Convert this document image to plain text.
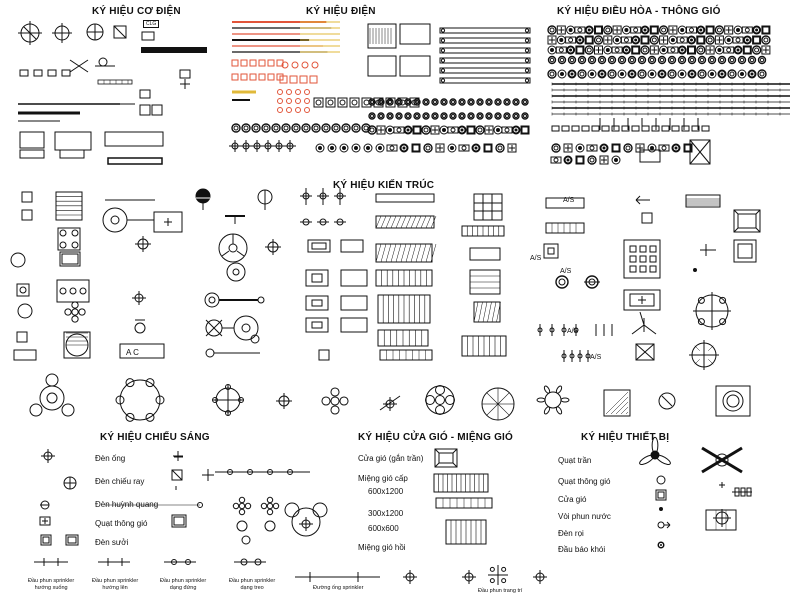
KÝ HIỆU CƠ ĐIỆN	KÝ HIỆU ĐIỆN	KÝ HIỆU ĐIỀU HÒA - THÔNG GIÓ
KÝ HIỆU KIẾN TRÚC
KÝ HIỆU CHIẾU SÁNG	KÝ HIỆU CỬA GIÓ - MIỆNG GIÓ	KÝ HIỆU THIẾT BỊ
CLG
A/S
A/S
A/S
A/S
A/S
A C
Đèn ống
Đèn chiếu ray
Đèn huỳnh quang
Quạt thông gió
Đèn sưởi
Đầu phun sprinkler
hướng xuống
Đầu phun sprinkler
hướng lên
Đầu phun sprinkler
dạng đứng
Đầu phun sprinkler
dạng treo	Đường ống sprinkler	Đầu phun trang trí
Cửa gió (gắn trần)
Miệng gió cấp
600x1200
300x1200
600x600
Miệng gió hồi
Quạt trần
Quạt thông gió
Cửa gió
Vòi phun nước
Đèn rọi
Đầu báo khói
